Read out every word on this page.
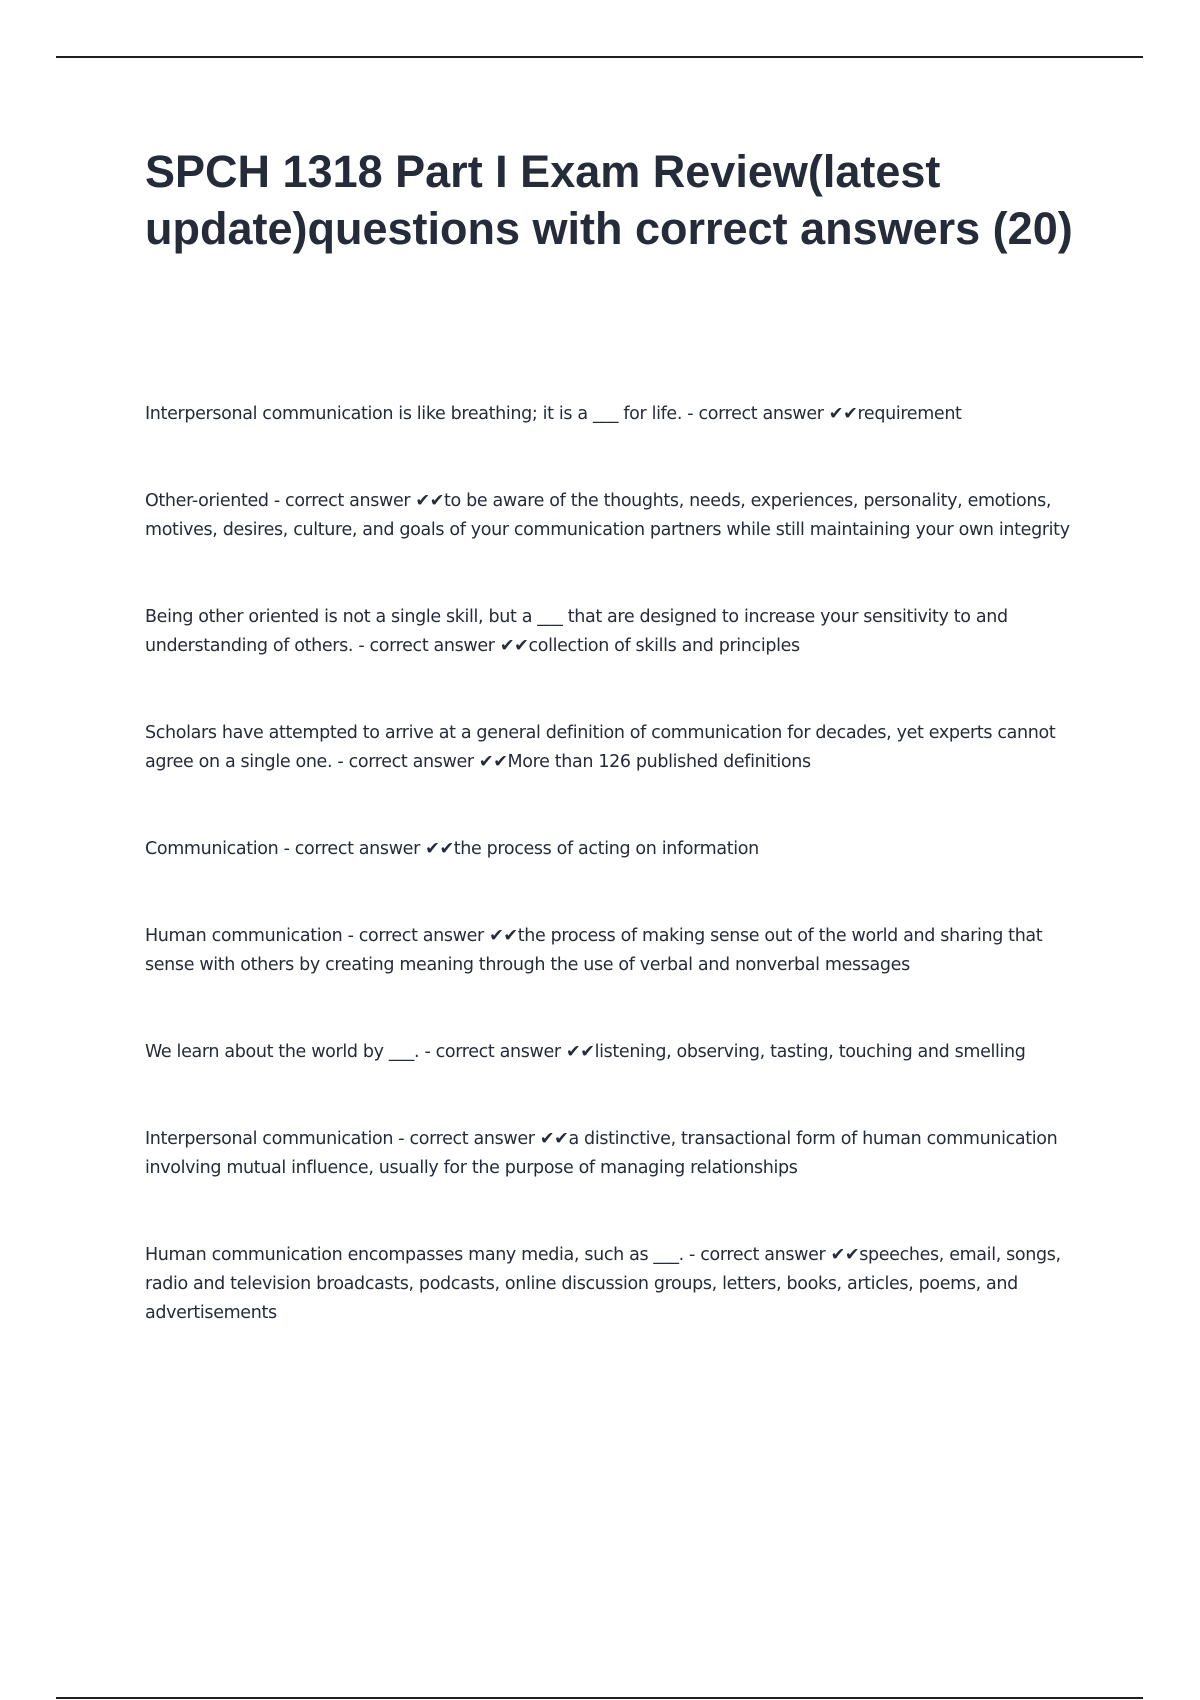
SPCH 1318 Part I Exam Review(latest update)questions with correct answers (20)
Interpersonal communication is like breathing; it is a ___ for life. - correct answer ✔✔requirement
Other-oriented - correct answer ✔✔to be aware of the thoughts, needs, experiences, personality, emotions, motives, desires, culture, and goals of your communication partners while still maintaining your own integrity
Being other oriented is not a single skill, but a ___ that are designed to increase your sensitivity to and understanding of others. - correct answer ✔✔collection of skills and principles
Scholars have attempted to arrive at a general definition of communication for decades, yet experts cannot agree on a single one. - correct answer ✔✔More than 126 published definitions
Communication - correct answer ✔✔the process of acting on information
Human communication - correct answer ✔✔the process of making sense out of the world and sharing that sense with others by creating meaning through the use of verbal and nonverbal messages
We learn about the world by ___. - correct answer ✔✔listening, observing, tasting, touching and smelling
Interpersonal communication - correct answer ✔✔a distinctive, transactional form of human communication involving mutual influence, usually for the purpose of managing relationships
Human communication encompasses many media, such as ___. - correct answer ✔✔speeches, email, songs, radio and television broadcasts, podcasts, online discussion groups, letters, books, articles, poems, and advertisements
